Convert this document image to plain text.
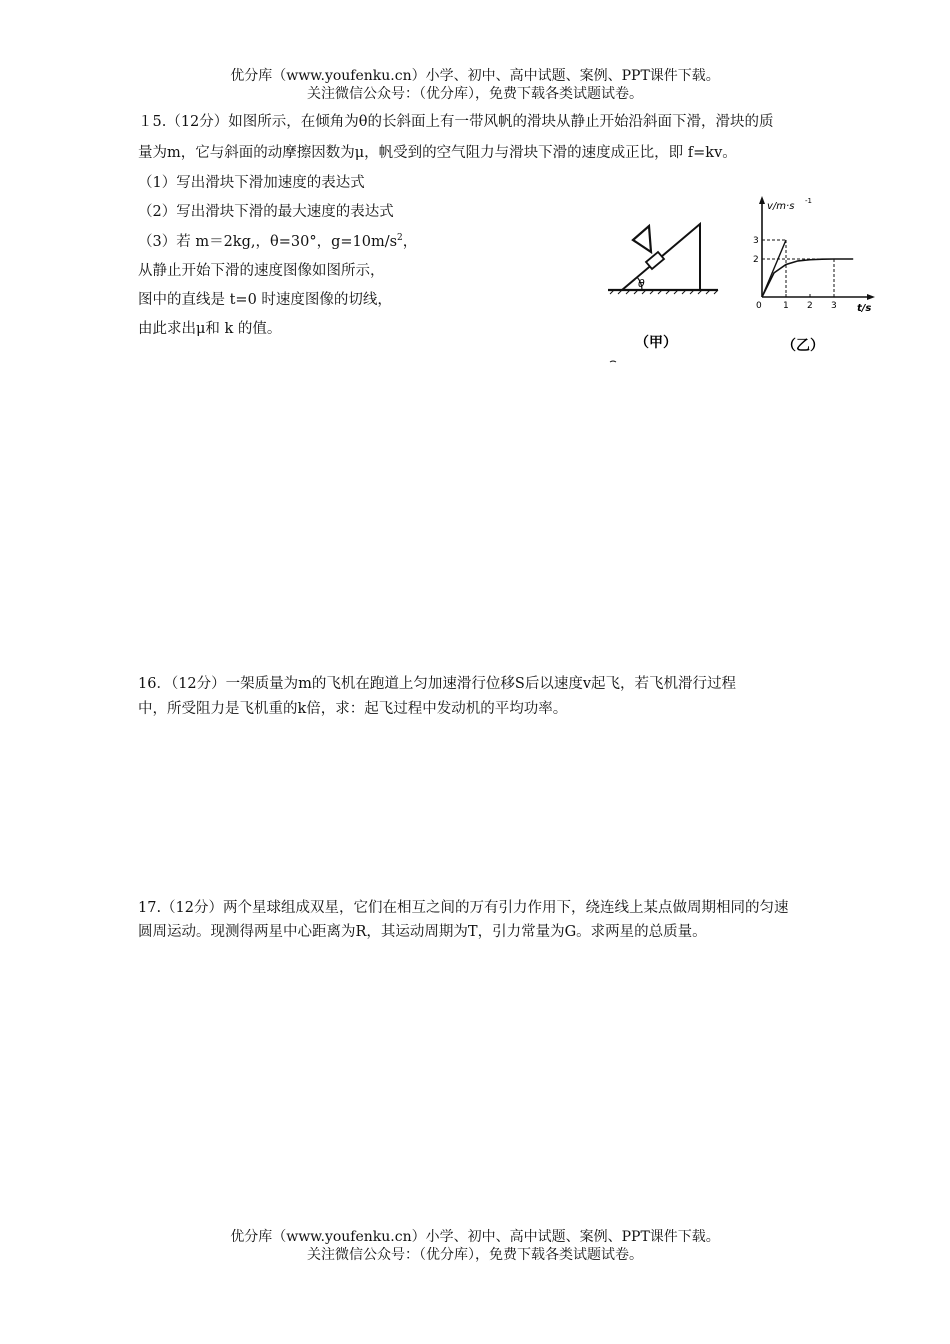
优分库（www.youfenku.cn）小学、初中、高中试题、案例、PPT课件下载。
关注微信公众号：（优分库），免费下载各类试题试卷。
１5.（12分）如图所示，在倾角为θ的长斜面上有一带风帆的滑块从静止开始沿斜面下滑，滑块的质
量为m，它与斜面的动摩擦因数为μ，帆受到的空气阻力与滑块下滑的速度成正比，即 f=kv。
（1）写出滑块下滑加速度的表达式
（2）写出滑块下滑的最大速度的表达式
（3）若 m＝2kg,，θ=30°，$g=10m/s^2$，
从静止开始下滑的速度图像如图所示，
图中的直线是 t=0 时速度图像的切线，
由此求出μ和 k 的值。
θ
（甲）
v/m·s -1
t/s
0 1 2 3
2
3
（乙）
16．（12分）一架质量为m的飞机在跑道上匀加速滑行位移S后以速度v起飞，若飞机滑行过程
中，所受阻力是飞机重的k倍，求：起飞过程中发动机的平均功率。
17.（12分）两个星球组成双星，它们在相互之间的万有引力作用下，绕连线上某点做周期相同的匀速
圆周运动。现测得两星中心距离为R，其运动周期为T，引力常量为G。求两星的总质量。
优分库（www.youfenku.cn）小学、初中、高中试题、案例、PPT课件下载。
关注微信公众号：（优分库），免费下载各类试题试卷。
